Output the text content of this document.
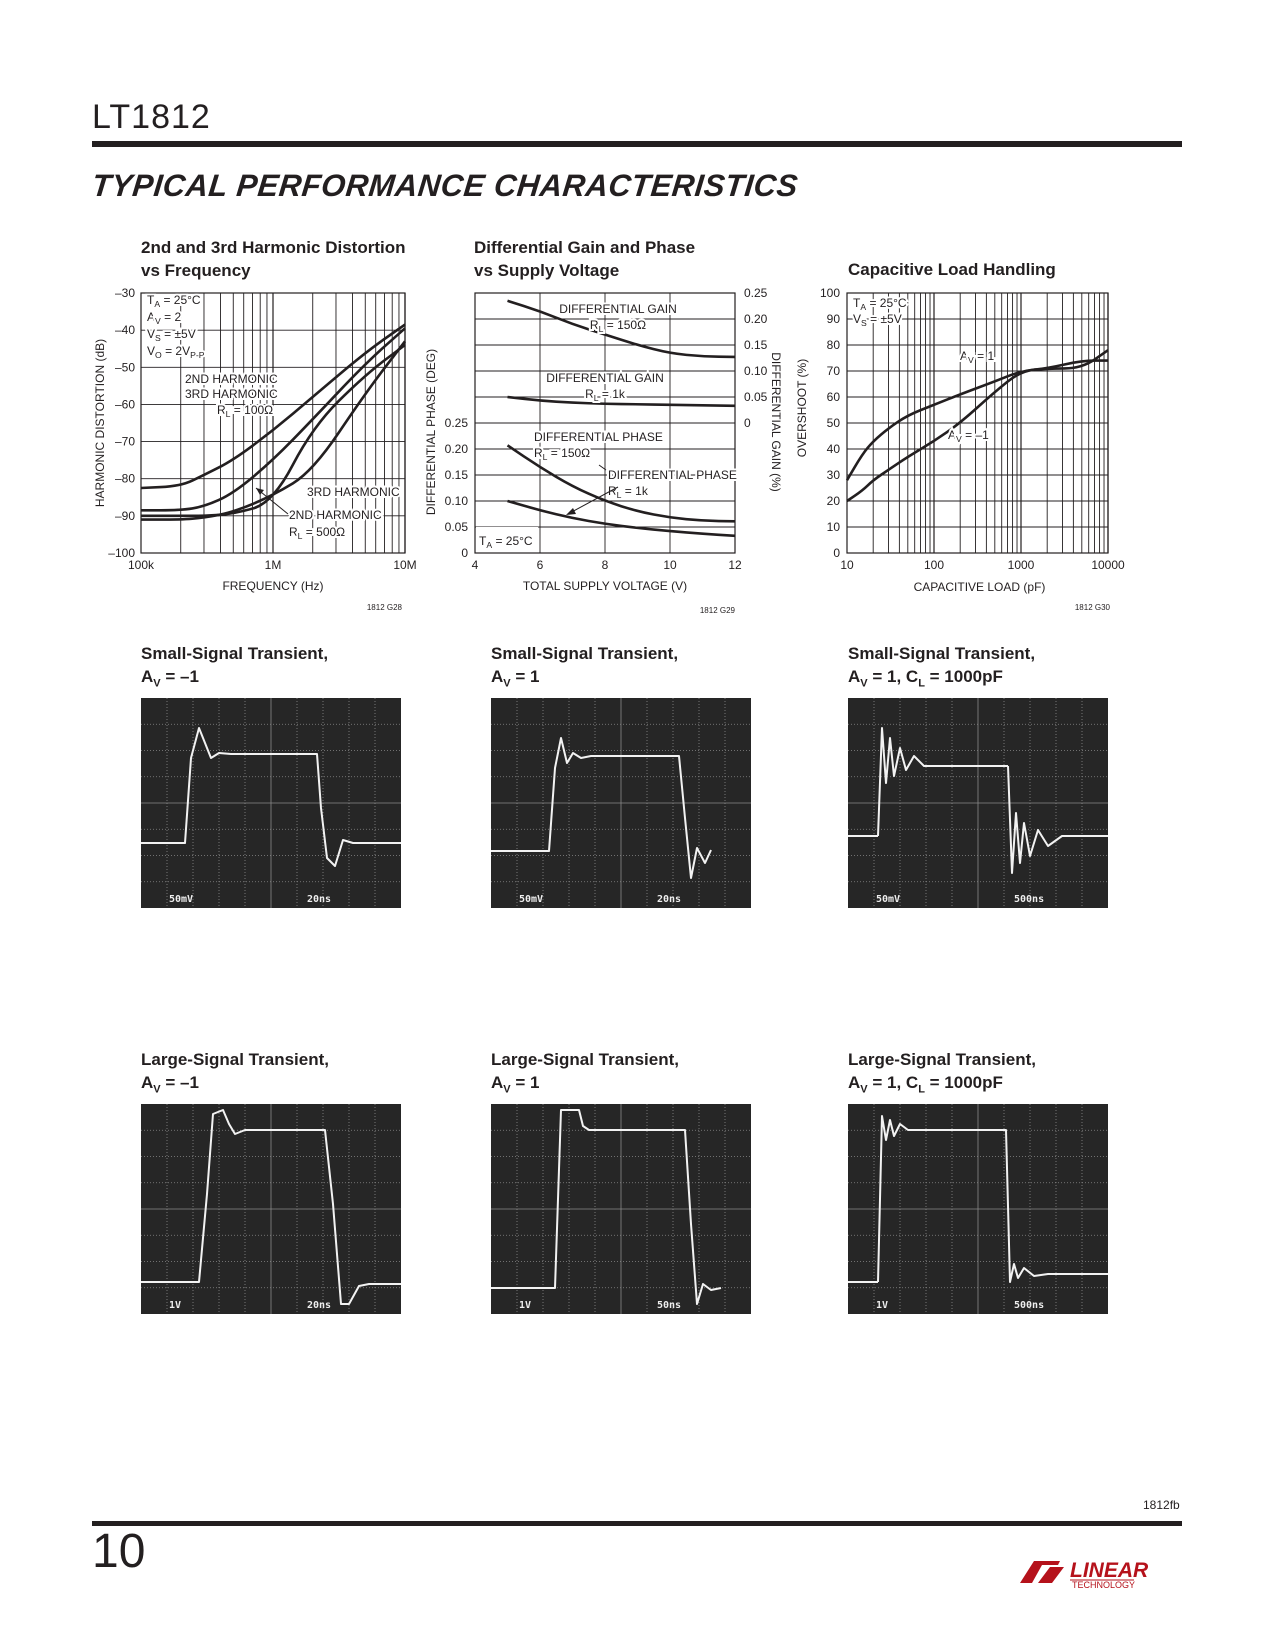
LT1812
TYPICAL PERFORMANCE CHARACTERISTICS
2nd and 3rd Harmonic Distortion
vs Frequency
Differential Gain and Phase
vs Supply Voltage	Capacitive Load Handling
–30
–40
–50
–60
–70
–80
–90
–100
100k	1M	10M
FREQUENCY (Hz)
HARMONIC DISTORTION (dB)
$T_A = 25^\circ C$
$A_V = 2$
$V_S = \pm 5V$
$V_O = 2V_{P-P}$
2ND HARMONIC
3RD HARMONIC
$R_L = 100\Omega$
3RD HARMONIC
2ND HARMONIC
$R_L = 500\Omega$
1812 G28
0.25
0.20
0.15
0.10
0.05
0
0.25
0.20
0.15
0.10
0.05
0
4	6	8	10	12
TOTAL SUPPLY VOLTAGE (V)
DIFFERENTIAL PHASE (DEG)	DIFFERENTIAL GAIN (%)
DIFFERENTIAL GAIN
$R_L = 150\Omega$
DIFFERENTIAL GAIN
$R_L = 1k$
DIFFERENTIAL PHASE
$R_L = 150\Omega$
DIFFERENTIAL PHASE
$R_L = 1k$
$T_A = 25^\circ C$
1812 G29
100
90
80
70
60
50
40
30
20
10
0
10	100	1000	10000
CAPACITIVE LOAD (pF)
OVERSHOOT (%)
$T_A = 25^\circ C$
$V_S = \pm 5V$
$A_V = 1$
$A_V = -1$
1812 G30
Small-Signal Transient,
$A_V = -1$
50mV	20ns
Small-Signal Transient,
$A_V = 1$
50mV	20ns
Small-Signal Transient,
$A_V = 1$, $C_L = 1000pF$
50mV	500ns
Large-Signal Transient,
$A_V = -1$
1V	20ns
Large-Signal Transient,
$A_V = 1$
1V	50ns
Large-Signal Transient,
$A_V = 1$, $C_L = 1000pF$
1V	500ns
10
1812fb
LINEAR
TECHNOLOGY
